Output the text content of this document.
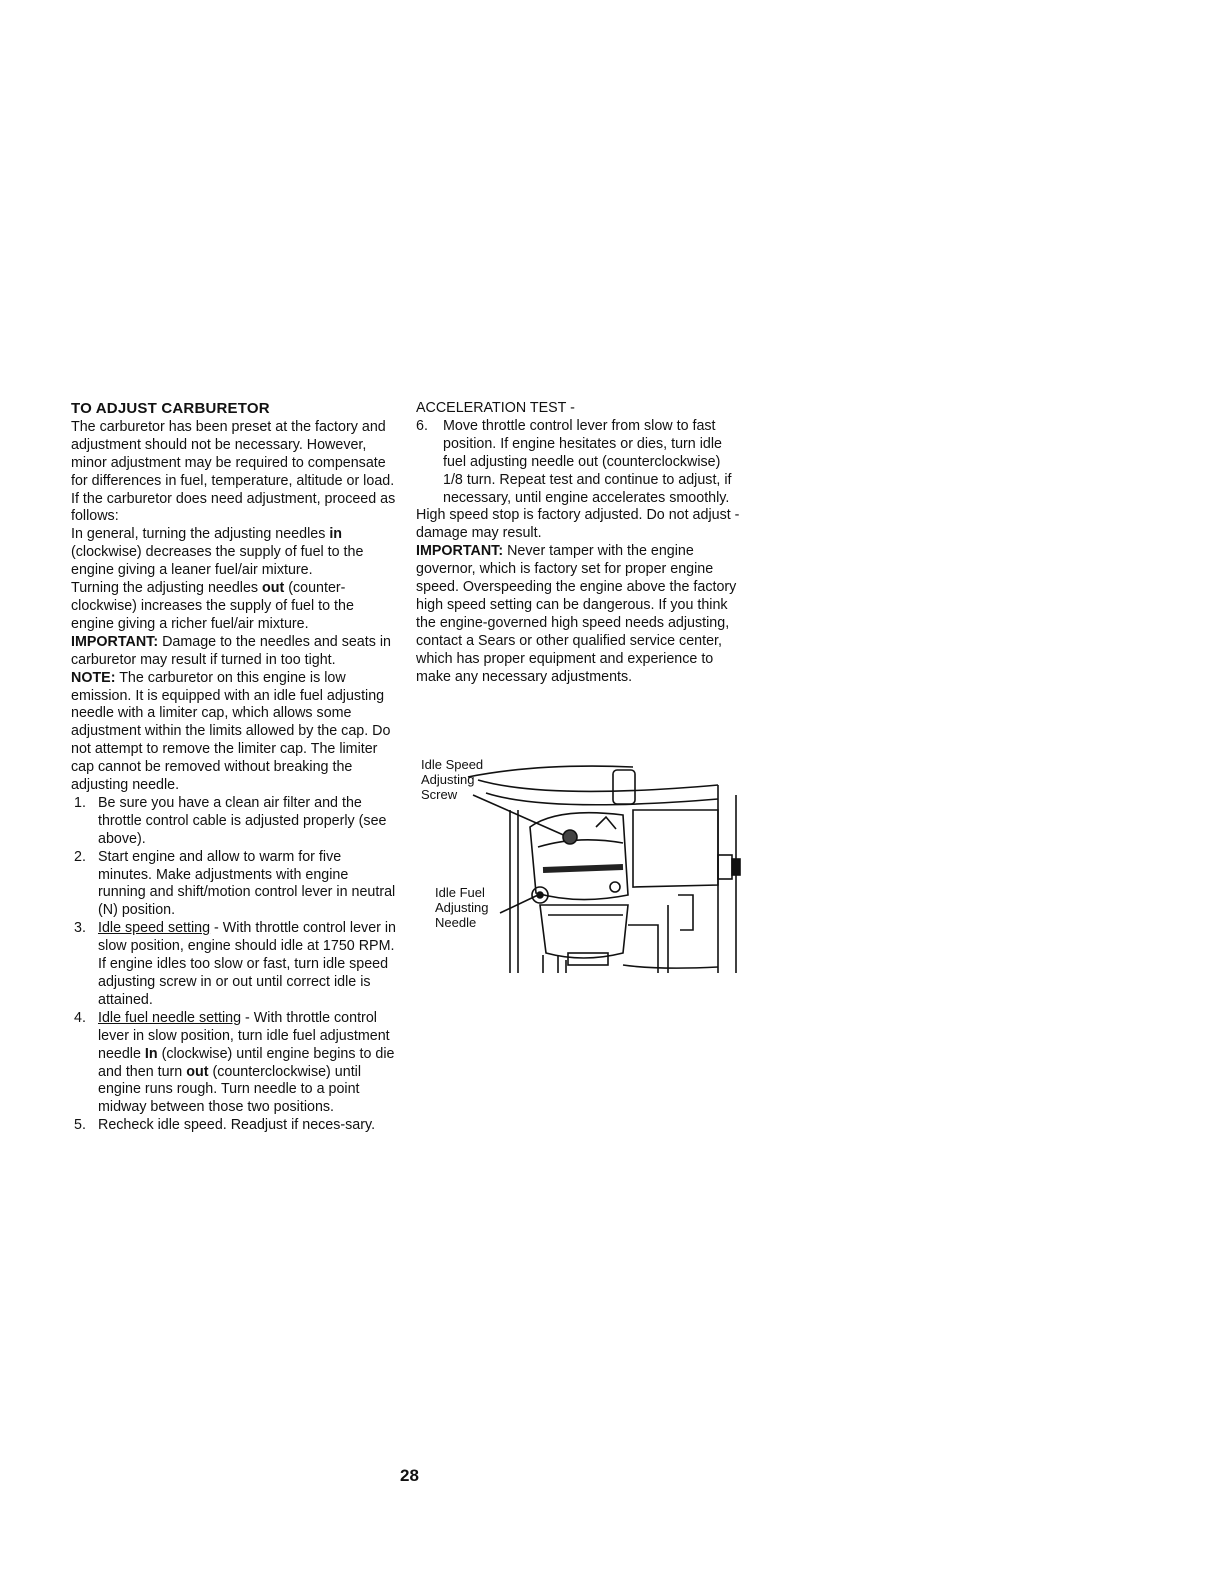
TO ADJUST CARBURETOR

The carburetor has been preset at the factory and adjustment should not be necessary. However, minor adjustment may be required to compensate for differences in fuel, temperature, altitude or load. If the carburetor does need adjustment, proceed as follows:

In general, turning the adjusting needles in (clockwise) decreases the supply of fuel to the engine giving a leaner fuel/air mixture.

Turning the adjusting needles out (counter-clockwise) increases the supply of fuel to the engine giving a richer fuel/air mixture.

IMPORTANT: Damage to the needles and seats in carburetor may result if turned in too tight.

NOTE: The carburetor on this engine is low emission. It is equipped with an idle fuel adjusting needle with a limiter cap, which allows some adjustment within the limits allowed by the cap. Do not attempt to remove the limiter cap. The limiter cap cannot be removed without breaking the adjusting needle.

1. Be sure you have a clean air filter and the throttle control cable is adjusted properly (see above).
2. Start engine and allow to warm for five minutes. Make adjustments with engine running and shift/motion control lever in neutral (N) position.
3. Idle speed setting - With throttle control lever in slow position, engine should idle at 1750 RPM. If engine idles too slow or fast, turn idle speed adjusting screw in or out until correct idle is attained.
4. Idle fuel needle setting - With throttle control lever in slow position, turn idle fuel adjustment needle In (clockwise) until engine begins to die and then turn out (counterclockwise) until engine runs rough. Turn needle to a point midway between those two positions.
5. Recheck idle speed. Readjust if neces-sary.
ACCELERATION TEST -
6. Move throttle control lever from slow to fast position. If engine hesitates or dies, turn idle fuel adjusting needle out (counterclockwise) 1/8 turn. Repeat test and continue to adjust, if necessary, until engine accelerates smoothly.

High speed stop is factory adjusted. Do not adjust - damage may result.

IMPORTANT: Never tamper with the engine governor, which is factory set for proper engine speed. Overspeeding the engine above the factory high speed setting can be dangerous. If you think the engine-governed high speed needs adjusting, contact a Sears or other qualified service center, which has proper equipment and experience to make any necessary adjustments.

Idle Speed
Adjusting
Screw
Idle Fuel
Adjusting
Needle
28
